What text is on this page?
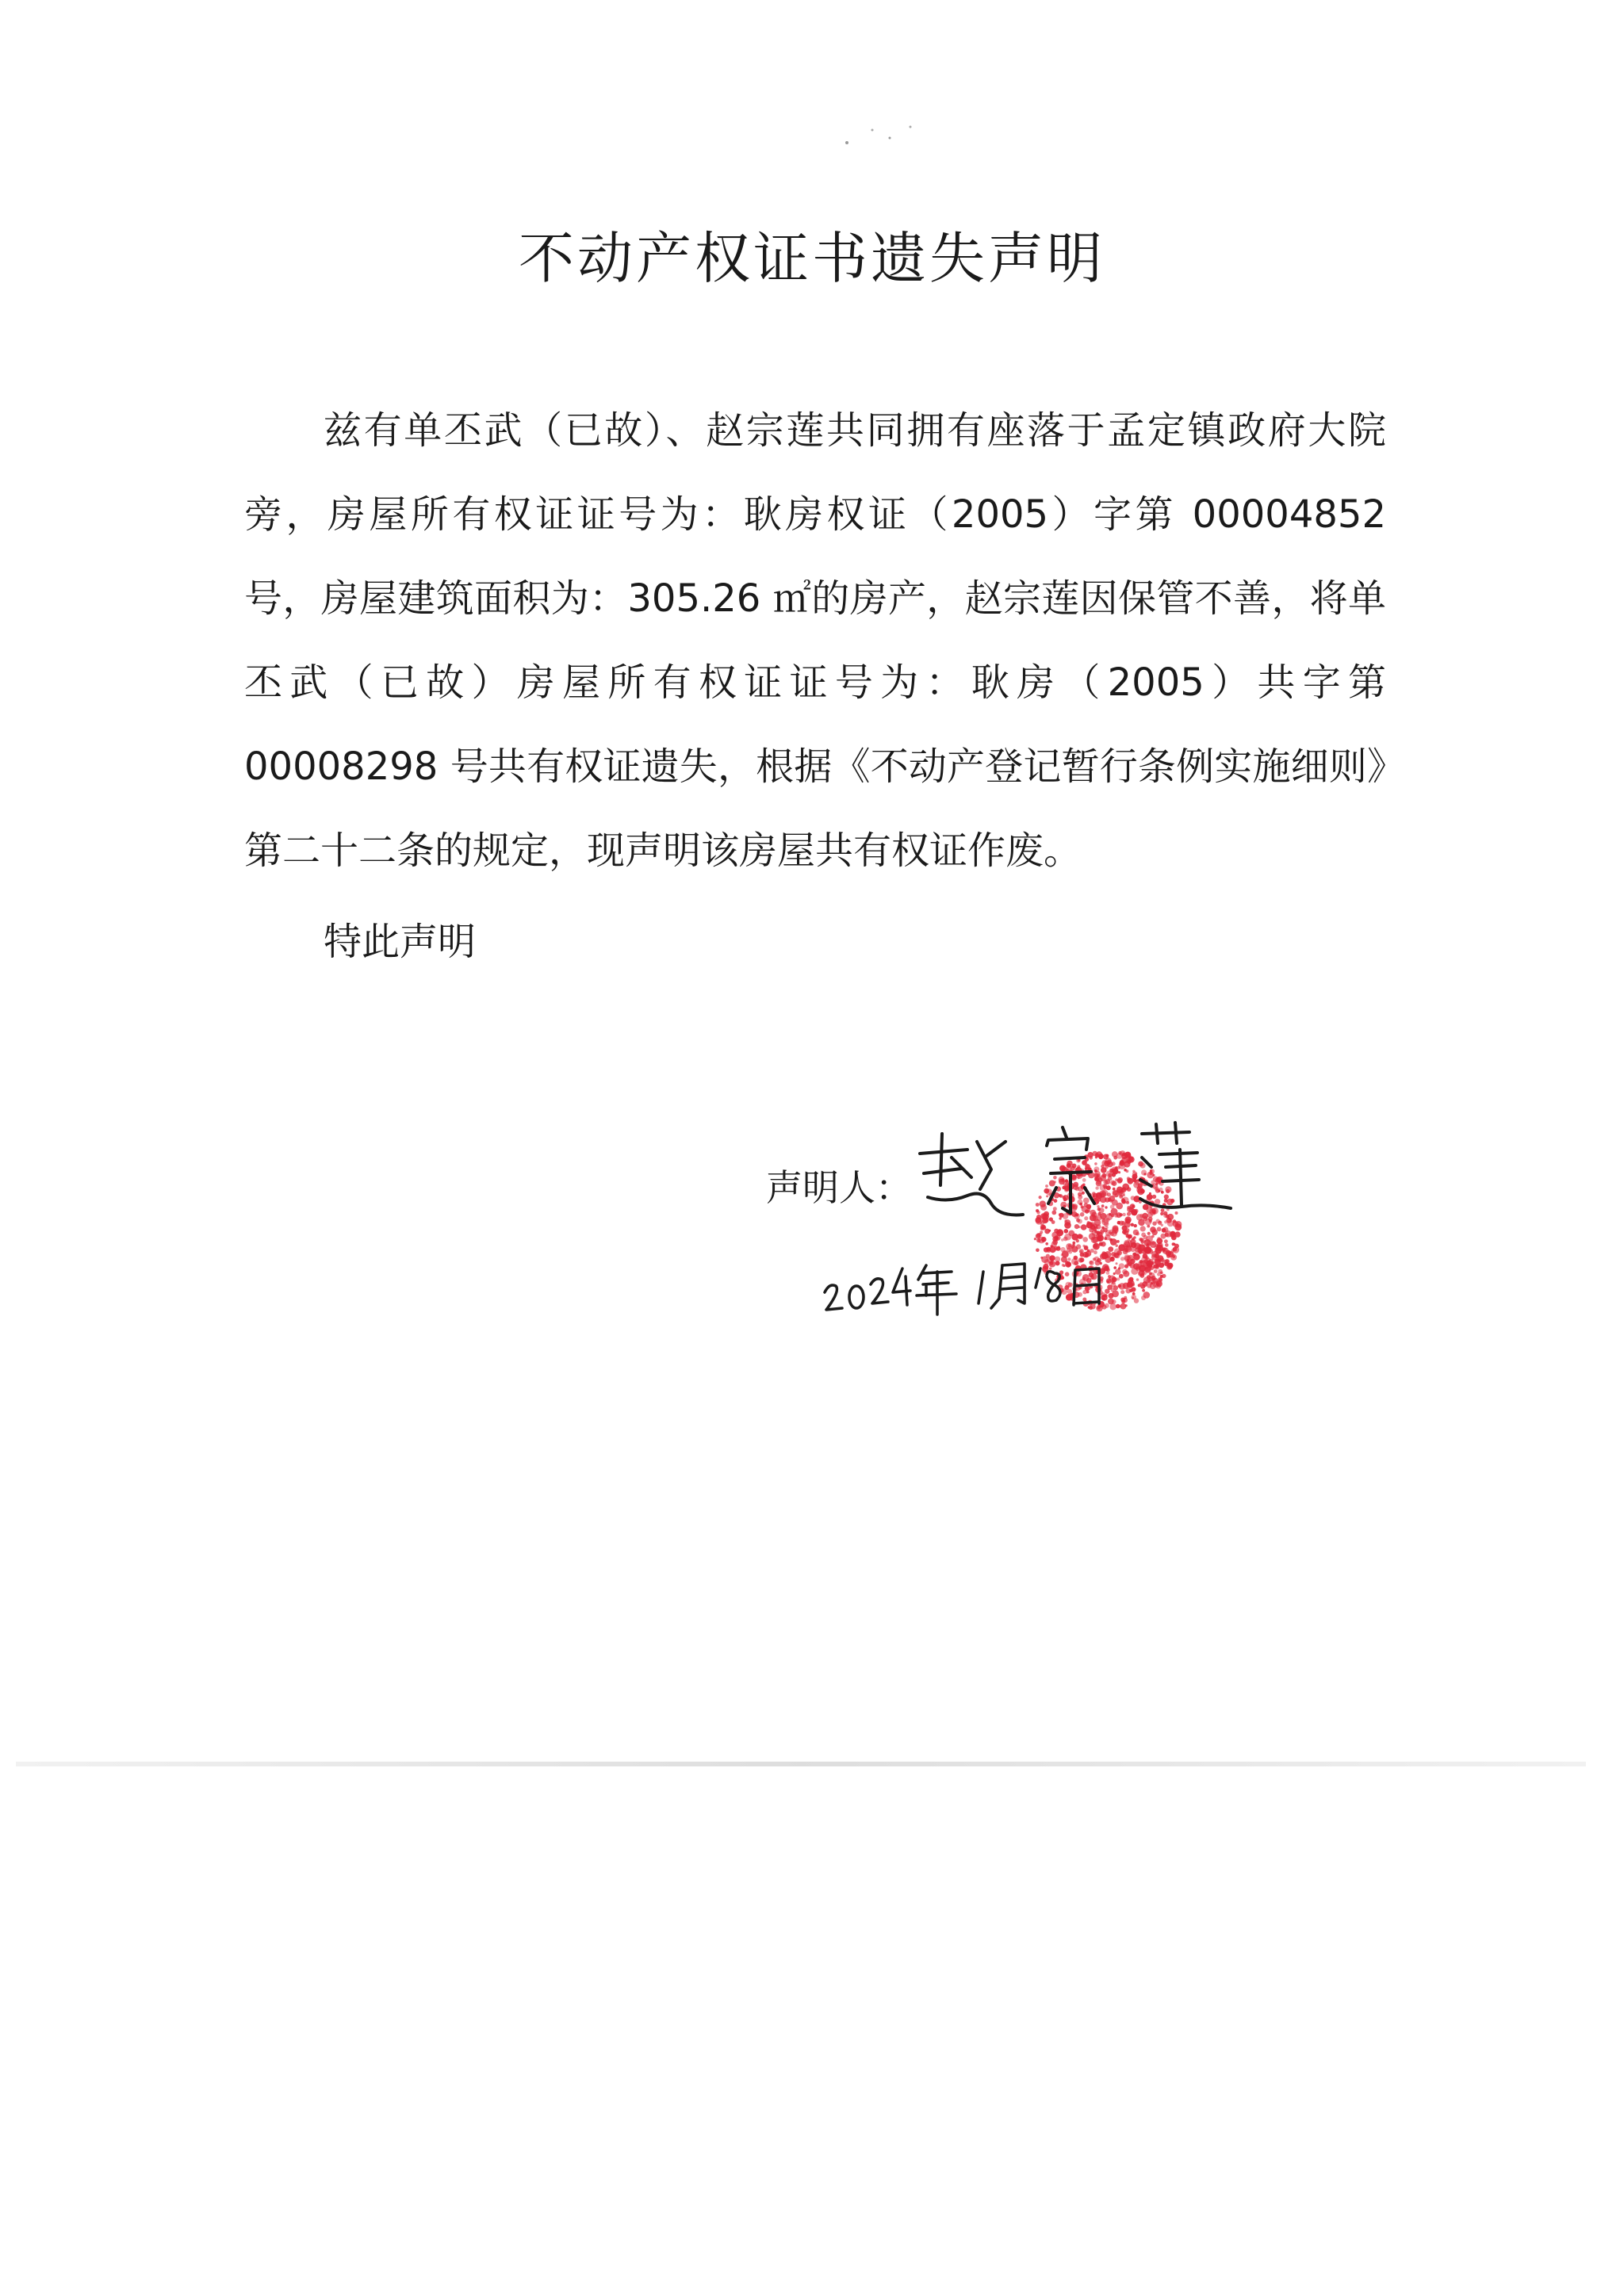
不动产权证书遗失声明

兹有单丕武（已故）、赵宗莲共同拥有座落于孟定镇政府大院旁，房屋所有权证证号为：耿房权证（2005）字第 00004852 号，房屋建筑面积为：305.26 ㎡的房产，赵宗莲因保管不善，将单丕武（已故）房屋所有权证证号为：耿房（2005）共字第 00008298 号共有权证遗失，根据《不动产登记暂行条例实施细则》第二十二条的规定，现声明该房屋共有权证作废。

特此声明
声明人：
